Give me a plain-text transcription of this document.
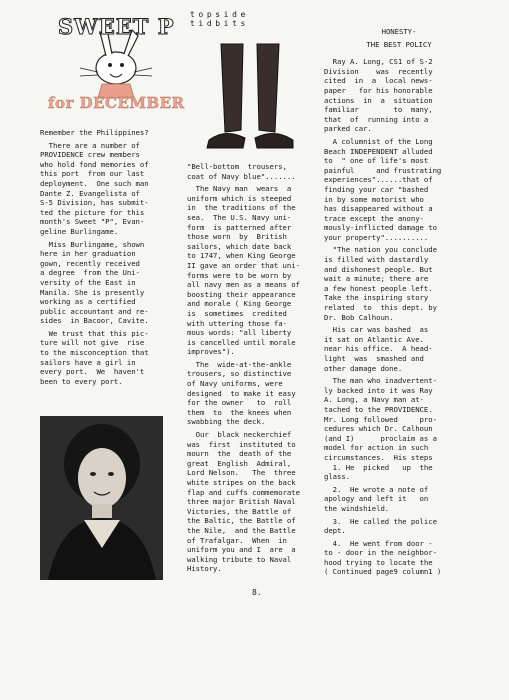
SWEET P
for DECEMBER
topside
tidbits

Remember the Philippines?

There are a number of
PROVIDENCE crew members
who hold fond memories of
this port  from our last
deployment.  One such man
Dante Z. Evangelista of
S-5 Division, has submit-
ted the picture for this
month's Sweet "P", Evan-
geline Burlingame.

Miss Burlingame, shown
here in her graduation
gown, recently received
a degree  from the Uni-
versity of the East in
Manila. She is presently
working as a certified
public accountant and re-
sides  in Bacoor, Cavite.

We trust that this pic-
ture will not give  rise
to the misconception that
sailors have a girl in
every port.  We  haven't
been to every port.

"Bell-bottom  trousers,
coat of Navy blue".......

The Navy man  wears  a
uniform which is steeped
in  the traditions of the
sea.  The U.S. Navy uni-
form  is patterned after
those worn  by  British
sailors, which date back
to 1747, when King George
II gave an order that uni-
forms were to be worn by
all navy men as a means of
boosting their appearance
and morale ( King George
is  sometimes  credited
with uttering those fa-
mous words: "all liberty
is cancelled until morale
improves").

The  wide-at-the-ankle
trousers, so distinctive
of Navy uniforms, were
designed  to make it easy
for the owner   to  roll
them  to  the knees when
swabbing the deck.

Our  black neckerchief
was  first  instituted to
mourn  the  death of the
great  English  Admiral,
Lord Nelson.   The  three
white stripes on the back
flap and cuffs commemorate
three major British Naval
Victories, the Battle of
the Baltic, the Battle of
the Nile,  and the Battle
of Trafalgar.  When  in
uniform you and I  are  a
walking tribute to Naval
History.

HONESTY-

THE BEST POLICY

Ray A. Long, CS1 of S-2
Division    was  recently
cited  in  a  local news-
paper   for his honorable
actions  in  a  situation
familiar        to  many,
that  of  running into a
parked car.

A columnist of the Long
Beach INDEPENDENT alluded
to  " one of life's most
painful     and frustrating
experiences"......that of
finding your car "bashed
in by some motorist who
has disappeared without a
trace except the anony-
mously-inflicted damage to
your property"..........

"The nation you conclude
is filled with dastardly
and dishonest people. But
wait a minute; there are
a few honest people left.
Take the inspiring story
related  to  this dept. by
Dr. Bob Calhoun.

His car was bashed  as
it sat on Atlantic Ave.
near his office.  A head-
light  was  smashed and
other damage done.

The man who inadvertent-
ly backed into it was Ray
A. Long, a Navy man at-
tached to the PROVIDENCE.
Mr. Long followed     pro-
cedures which Dr. Calhoun
(and I)      proclaim as a
model for action in such
circumstances.  His steps
1. He  picked   up  the
glass.

2.  He wrote a note of
apology and left it   on
the windshield.

3.  He called the police
dept.

4.  He went from door -
to - door in the neighbor-
hood trying to locate the
( Continued page9 column1 )

8.
